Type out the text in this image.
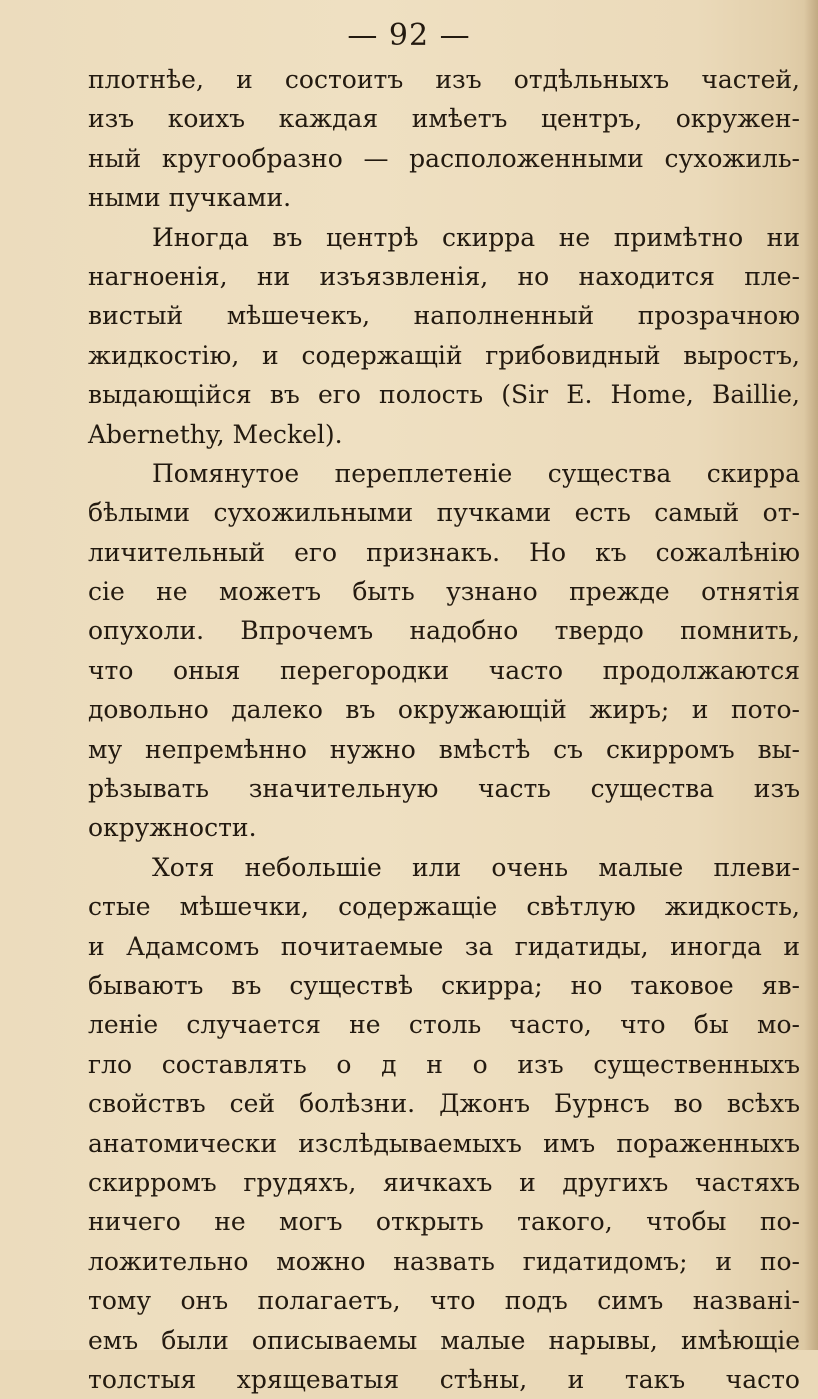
— 92 —
плотнѣе, и состоитъ изъ отдѣльныхъ частей,
изъ коихъ каждая имѣетъ центръ, окружен-
ный кругообразно — расположенными сухожиль-
ными пучками.
Иногда въ центрѣ скирра не примѣтно ни
нагноенія, ни изъязвленія, но находится пле-
вистый мѣшечекъ, наполненный прозрачною
жидкостію, и содержащій грибовидный выростъ,
выдающійся въ его полость (Sir E. Home, Baillie,
Abernethy, Meckel).
Помянутое переплетеніе существа скирра
бѣлыми сухожильными пучками есть самый от-
личительный его признакъ. Но къ сожалѣнію
сіе не можетъ быть узнано прежде отнятія
опухоли. Впрочемъ надобно твердо помнить,
что оныя перегородки часто продолжаются
довольно далеко въ окружающій жиръ; и пото-
му непремѣнно нужно вмѣстѣ съ скирромъ вы-
рѣзывать значительную часть существа изъ
окружности.
Хотя небольшіе или очень малые плеви-
стые мѣшечки, содержащіе свѣтлую жидкость,
и Адамсомъ почитаемые за гидатиды, иногда и
бываютъ въ существѣ скирра; но таковое яв-
леніе случается не столь часто, что бы мо-
гло составлять о д н о изъ существенныхъ
свойствъ сей болѣзни. Джонъ Бурнсъ во всѣхъ
анатомически изслѣдываемыхъ имъ пораженныхъ
скирромъ грудяхъ, яичкахъ и другихъ частяхъ
ничего не могъ открыть такого, чтобы по-
ложительно можно назвать гидатидомъ; и по-
тому онъ полагаетъ, что подъ симъ названі-
емъ были описываемы малые нарывы, имѣющіе
толстыя хрящеватыя стѣны, и такъ часто
